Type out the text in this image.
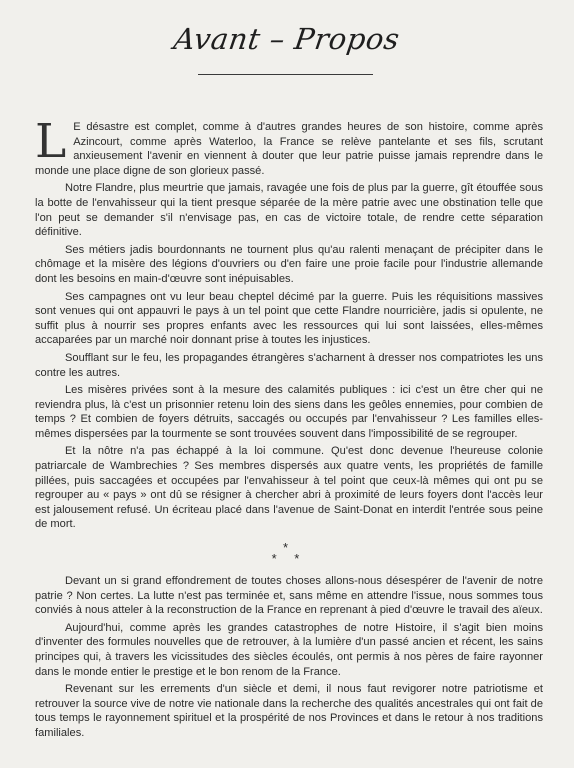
Avant – Propos

L E désastre est complet, comme à d'autres grandes heures de son histoire, comme après Azincourt, comme après Waterloo, la France se relève pantelante et ses fils, scrutant anxieusement l'avenir en viennent à douter que leur patrie puisse jamais reprendre dans le monde une place digne de son glorieux passé.

Notre Flandre, plus meurtrie que jamais, ravagée une fois de plus par la guerre, gît étouffée sous la botte de l'envahisseur qui la tient presque séparée de la mère patrie avec une obstination telle que l'on peut se demander s'il n'envisage pas, en cas de victoire totale, de rendre cette séparation définitive.

Ses métiers jadis bourdonnants ne tournent plus qu'au ralenti menaçant de précipiter dans le chômage et la misère des légions d'ouvriers ou d'en faire une proie facile pour l'industrie allemande dont les besoins en main-d'œuvre sont inépuisables.

Ses campagnes ont vu leur beau cheptel décimé par la guerre. Puis les réquisitions massives sont venues qui ont appauvri le pays à un tel point que cette Flandre nourricière, jadis si opulente, ne suffit plus à nourrir ses propres enfants avec les ressources qui lui sont laissées, elles-mêmes accaparées par un marché noir donnant prise à toutes les injustices.

Soufflant sur le feu, les propagandes étrangères s'acharnent à dresser nos compatriotes les uns contre les autres.

Les misères privées sont à la mesure des calamités publiques : ici c'est un être cher qui ne reviendra plus, là c'est un prisonnier retenu loin des siens dans les geôles ennemies, pour combien de temps ? Et combien de foyers détruits, saccagés ou occupés par l'envahisseur ? Les familles elles-mêmes dispersées par la tourmente se sont trouvées souvent dans l'impossibilité de se regrouper.

Et la nôtre n'a pas échappé à la loi commune. Qu'est donc devenue l'heureuse colonie patriarcale de Wambrechies ? Ses membres dispersés aux quatre vents, les propriétés de famille pillées, puis saccagées et occupées par l'envahisseur à tel point que ceux-là mêmes qui ont pu se regrouper au « pays » ont dû se résigner à chercher abri à proximité de leurs foyers dont l'accès leur est jalousement refusé. Un écriteau placé dans l'avenue de Saint-Donat en interdit l'entrée sous peine de mort.

*
* *

Devant un si grand effondrement de toutes choses allons-nous désespérer de l'avenir de notre patrie ? Non certes. La lutte n'est pas terminée et, sans même en attendre l'issue, nous sommes tous conviés à nous atteler à la reconstruction de la France en reprenant à pied d'œuvre le travail des aïeux.

Aujourd'hui, comme après les grandes catastrophes de notre Histoire, il s'agit bien moins d'inventer des formules nouvelles que de retrouver, à la lumière d'un passé ancien et récent, les sains principes qui, à travers les vicissitudes des siècles écoulés, ont permis à nos pères de faire rayonner dans le monde entier le prestige et le bon renom de la France.

Revenant sur les errements d'un siècle et demi, il nous faut revigorer notre patriotisme et retrouver la source vive de notre vie nationale dans la recherche des qualités ancestrales qui ont fait de tous temps le rayonnement spirituel et la prospérité de nos Provinces et dans le retour à nos traditions familiales.
